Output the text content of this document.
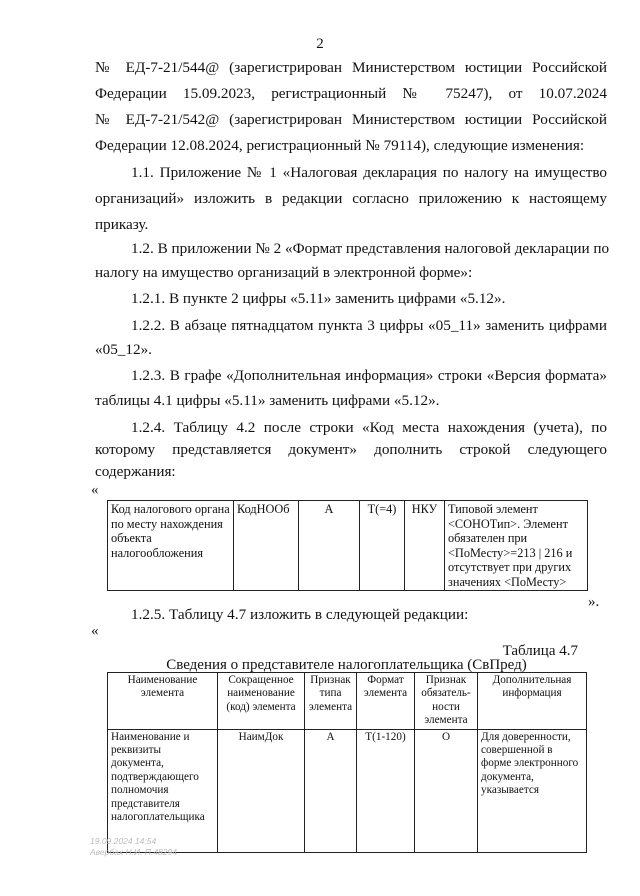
2
№ ЕД-7-21/544@ (зарегистрирован Министерством юстиции Российской
Федерации 15.09.2023, регистрационный № 75247), от 10.07.2024
№ ЕД-7-21/542@ (зарегистрирован Министерством юстиции Российской
Федерации 12.08.2024, регистрационный № 79114), следующие изменения:
1.1. Приложение № 1 «Налоговая декларация по налогу на имущество
организаций» изложить в редакции согласно приложению к настоящему
приказу.
1.2. В приложении № 2 «Формат представления налоговой декларации по
налогу на имущество организаций в электронной форме»:
1.2.1. В пункте 2 цифры «5.11» заменить цифрами «5.12».
1.2.2. В абзаце пятнадцатом пункта 3 цифры «05_11» заменить цифрами
«05_12».
1.2.3. В графе «Дополнительная информация» строки «Версия формата»
таблицы 4.1 цифры «5.11» заменить цифрами «5.12».
1.2.4. Таблицу 4.2 после строки «Код места нахождения (учета), по
которому представляется документ» дополнить строкой следующего
содержания:
«
Код налогового органа по месту нахождения объекта налогообложения	КодНООб	А	Т(=4)	НКУ	Типовой элемент <СОНОТип>. Элемент обязателен при <ПоМесту>=213 | 216 и отсутствует при других значениях <ПоМесту>
».
1.2.5. Таблицу 4.7 изложить в следующей редакции:
«
Таблица 4.7
Сведения о представителе налогоплательщика (СвПред)
Наименование элемента	Сокращенное наименование (код) элемента	Признак типа элемента	Формат элемента	Признак обязатель-ности элемента	Дополнительная информация
Наименование и реквизиты документа, подтверждающего полномочия представителя налогоплательщика	НаимДок	А	Т(1-120)	О	Для доверенности, совершенной в форме электронного документа, указывается
19.09.2024 14:54
Авербах Н.И. П.48294
